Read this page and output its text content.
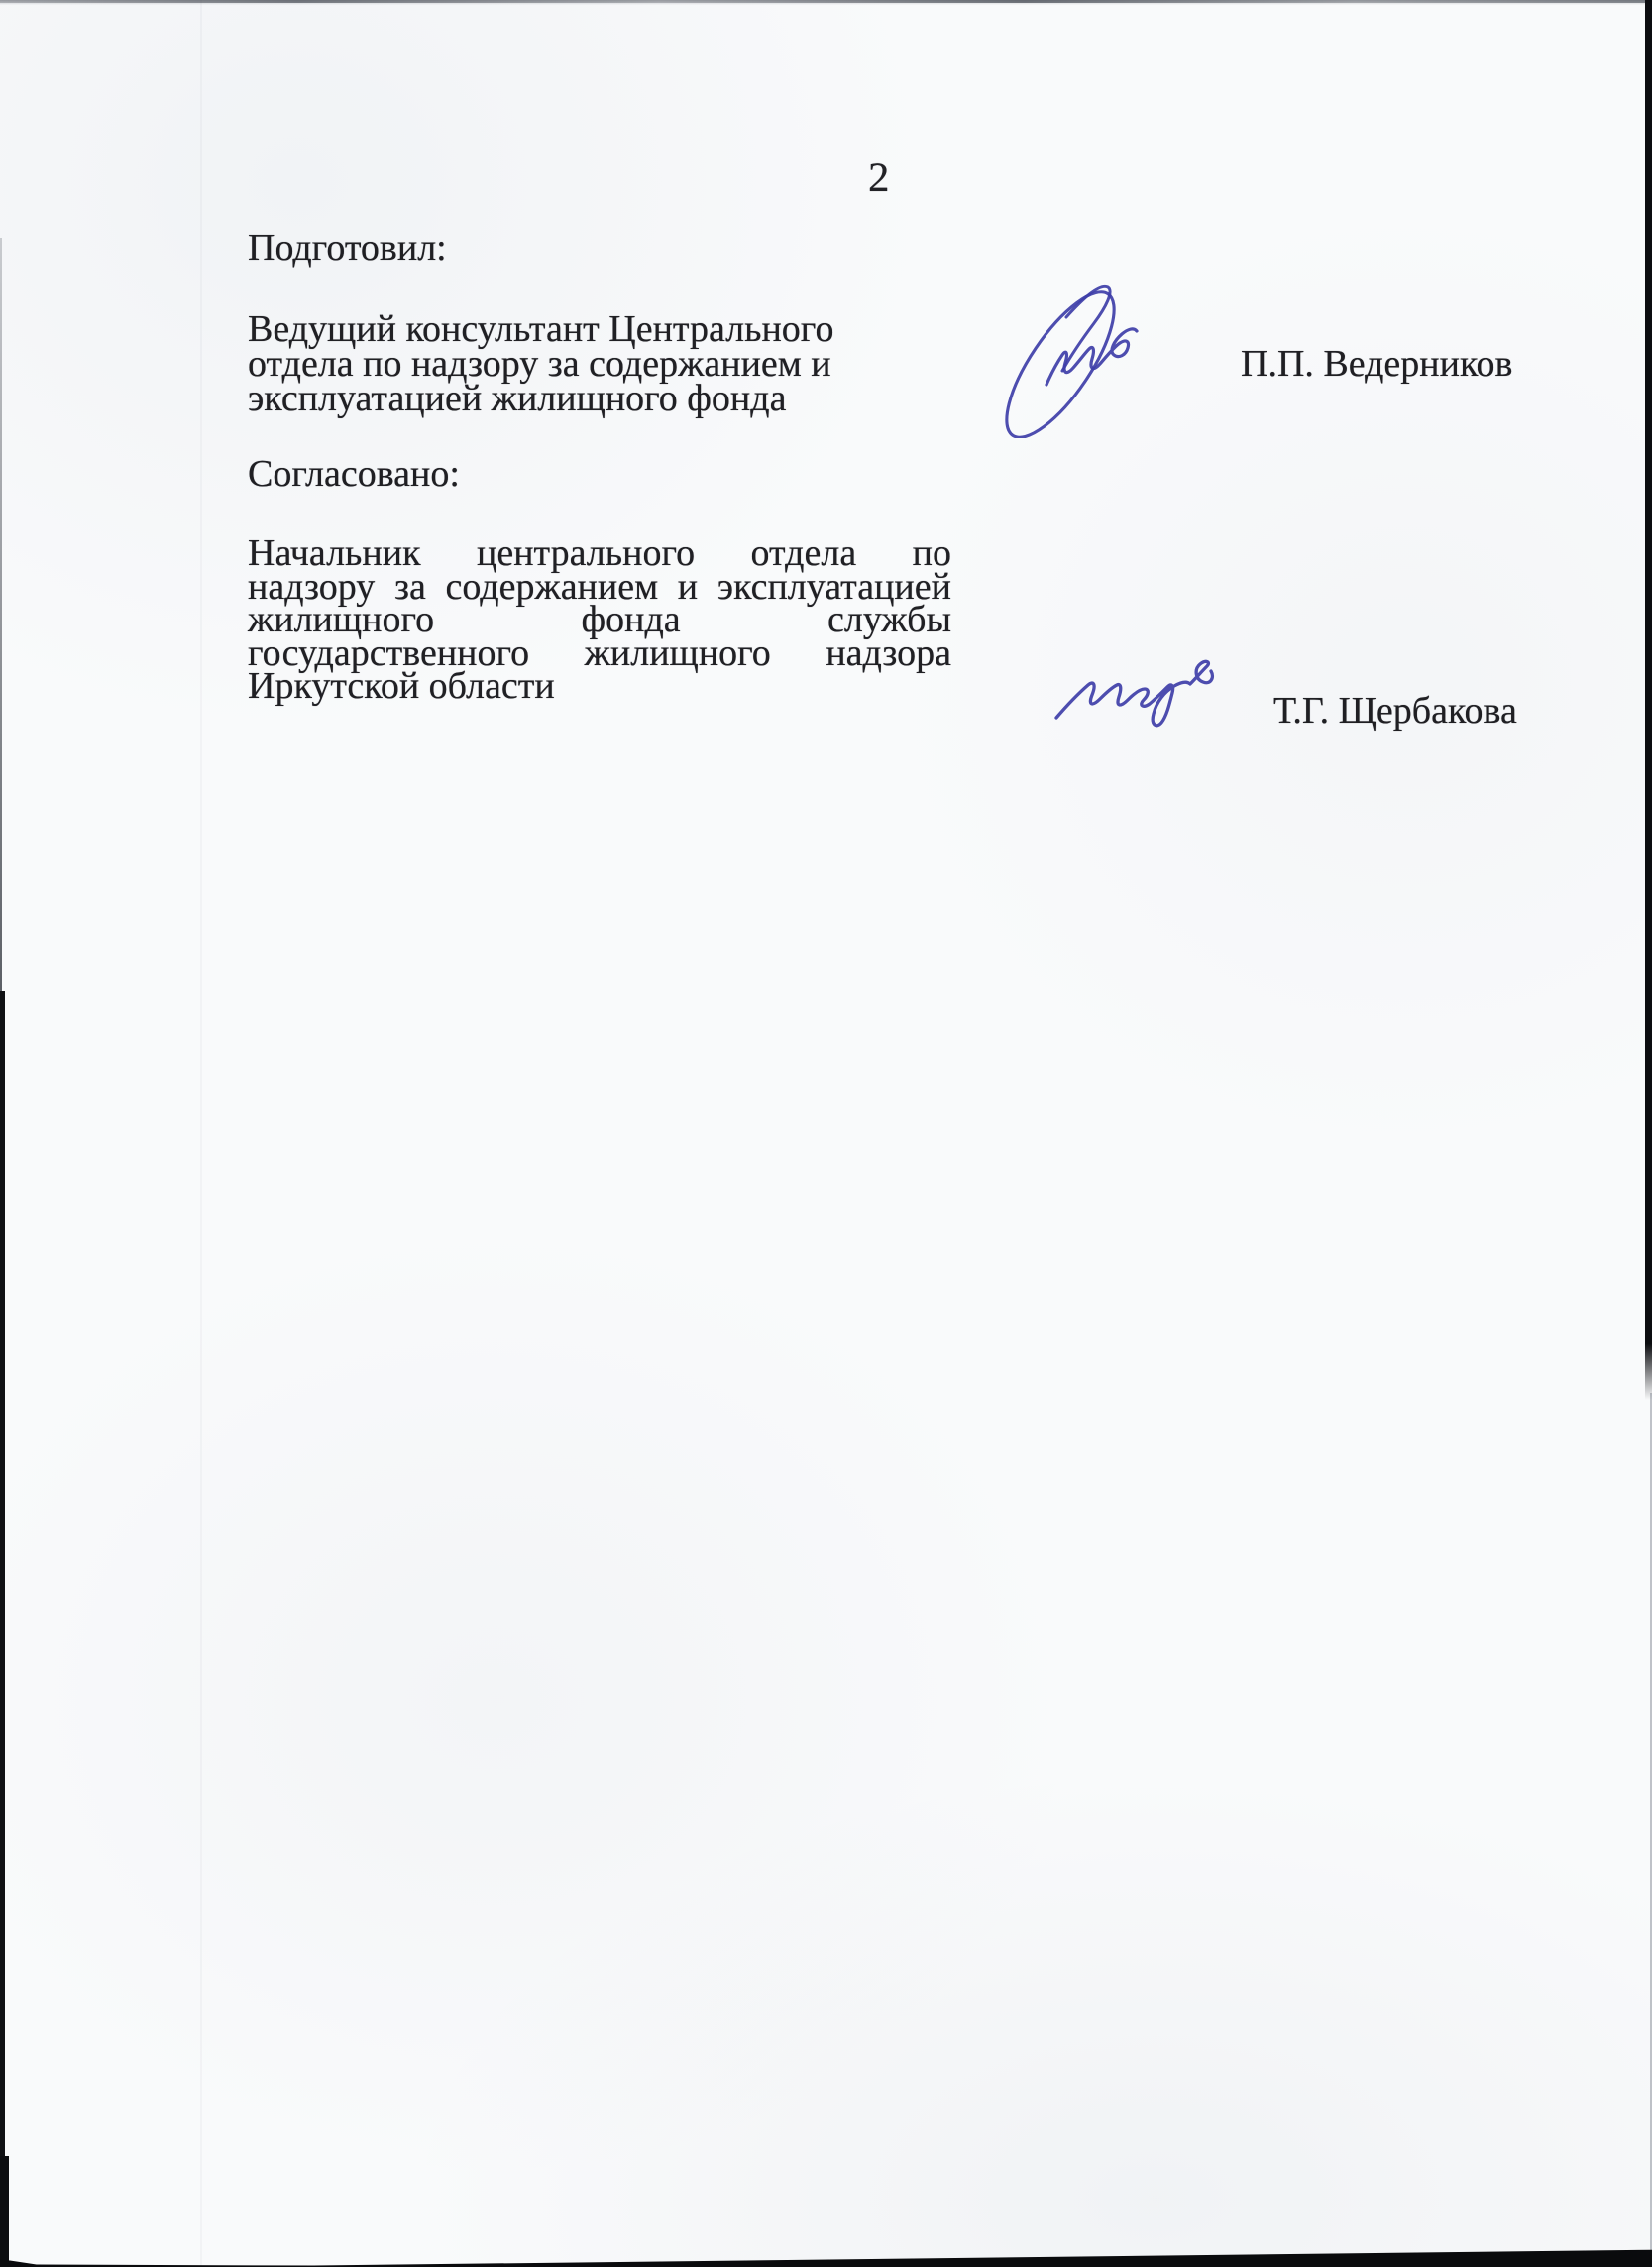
2
Подготовил:
Ведущий консультант Центрального
отдела по надзору за содержанием и
эксплуатацией жилищного фонда
П.П. Ведерников
Согласовано:
Начальник центрального отдела по
надзору за содержанием и эксплуатацией
жилищного	фонда	службы
государственного жилищного надзора
Иркутской области
Т.Г. Щербакова
